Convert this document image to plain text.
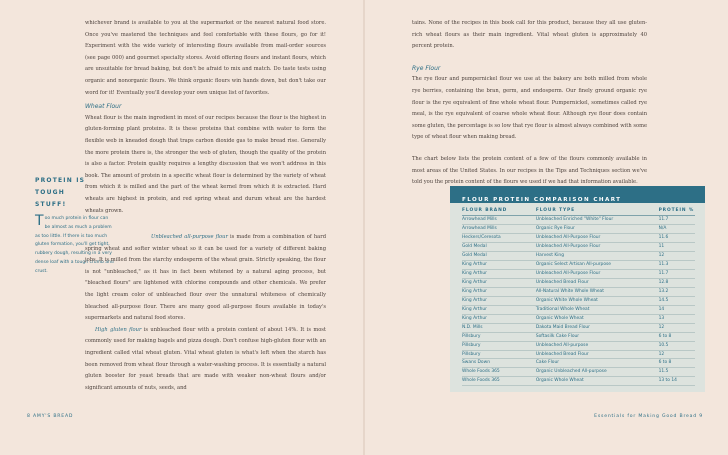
whichever brand is available to you at the supermarket or the nearest natural food store. Once you've mastered the techniques and feel comfortable with these flours, go for it! Experiment with the wide variety of interesting flours available from mail-order sources (see page 000) and gourmet specialty stores. Avoid offering flours and instant flours, which are unsuitable for bread baking, but don't be afraid to mix and match. Do taste tests using organic and nonorganic flours. We think organic flours win hands down, but don't take our word for it! Eventually you'll develop your own unique list of favorites.

Wheat Flour

Wheat flour is the main ingredient in most of our recipes because the flour is the highest in gluten-forming plant proteins. It is these proteins that combine with water to form the flexible web in kneaded dough that traps carbon dioxide gas to make bread rise. Generally the more protein there is, the stronger the web of gluten, though the quality of the protein is also a factor. Protein quality requires a lengthy discussion that we won't address in this book. The amount of protein in a specific wheat flour is determined by the variety of wheat from which it is milled and the part of the wheat kernel from which it is extracted. Hard wheats are highest in protein, and red spring wheat and durum wheat are the hardest wheats grown.

PROTEIN IS TOUGH
STUFF!

Too much protein in flour can be almost as much a problem as too little. If there is too much gluten formation, you'll get tight, rubbery dough, resulting in a very dense loaf with a tough crumb and crust.

Unbleached all-purpose flour is made from a combination of hard spring wheat and softer winter wheat so it can be used for a variety of different baking jobs. It is milled from the starchy endosperm of the wheat grain. Strictly speaking, the flour is not "unbleached," as it has in fact been whitened by a natural aging process, but "bleached flours" are lightened with chlorine compounds and other chemicals. We prefer the light cream color of unbleached flour over the unnatural whiteness of chemically bleached all-purpose flour. There are many good all-purpose flours available in today's supermarkets and natural food stores.

High gluten flour is unbleached flour with a protein content of about 14%. It is most commonly used for making bagels and pizza dough. Don't confuse high-gluten flour with an ingredient called vital wheat gluten. Vital wheat gluten is what's left when the starch has been removed from wheat flour through a water-washing process. It is essentially a natural gluten booster for yeast breads that are made with weaker non-wheat flours and/or significant amounts of nuts, seeds, and

8 AMY'S BREAD

tains. None of the recipes in this book call for this product, because they all use gluten-rich wheat flours as their main ingredient. Vital wheat gluten is approximately 40 percent protein.

Rye Flour

The rye flour and pumpernickel flour we use at the bakery are both milled from whole rye berries, containing the bran, germ, and endosperm. Our finely ground organic rye flour is the rye equivalent of fine whole wheat flour. Pumpernickel, sometimes called rye meal, is the rye equivalent of coarse whole wheat flour. Although rye flour does contain some gluten, the percentage is so low that rye flour is almost always combined with some type of wheat flour when making bread.

The chart below lists the protein content of a few of the flours commonly available in most areas of the United States. In our recipes in the Tips and Techniques section we've told you the protein content of the flours we used if we had that information available.

Essentials for Making Good Bread 9
FLOUR PROTEIN COMPARISON CHART
FLOUR BRAND	FLOUR TYPE	PROTEIN %
Arrowhead Mills	Unbleached Enriched "White" Flour	11.7
Arrowhead Mills	Organic Rye Flour	N/A
Heckers/Ceresota	Unbleached All-Purpose Flour	11.6
Gold Medal	Unbleached All-Purpose Flour	11
Gold Medal	Harvest King	12
King Arthur	Organic Select Artisan All-purpose	11.3
King Arthur	Unbleached All-Purpose Flour	11.7
King Arthur	Unbleached Bread Flour	12.8
King Arthur	All-Natural White Whole Wheat	13.2
King Arthur	Organic White Whole Wheat	14.5
King Arthur	Traditional Whole Wheat	14
King Arthur	Organic Whole Wheat	13
N.D. Mills	Dakota Maid Bread Flour	12
Pillsbury	Softasilk Cake Flour	6 to 8
Pillsbury	Unbleached All-purpose	10.5
Pillsbury	Unbleached Bread Flour	12
Swans Down	Cake Flour	6 to 8
Whole Foods 365	Organic Unbleached All-purpose	11.5
Whole Foods 365	Organic Whole Wheat	13 to 14
